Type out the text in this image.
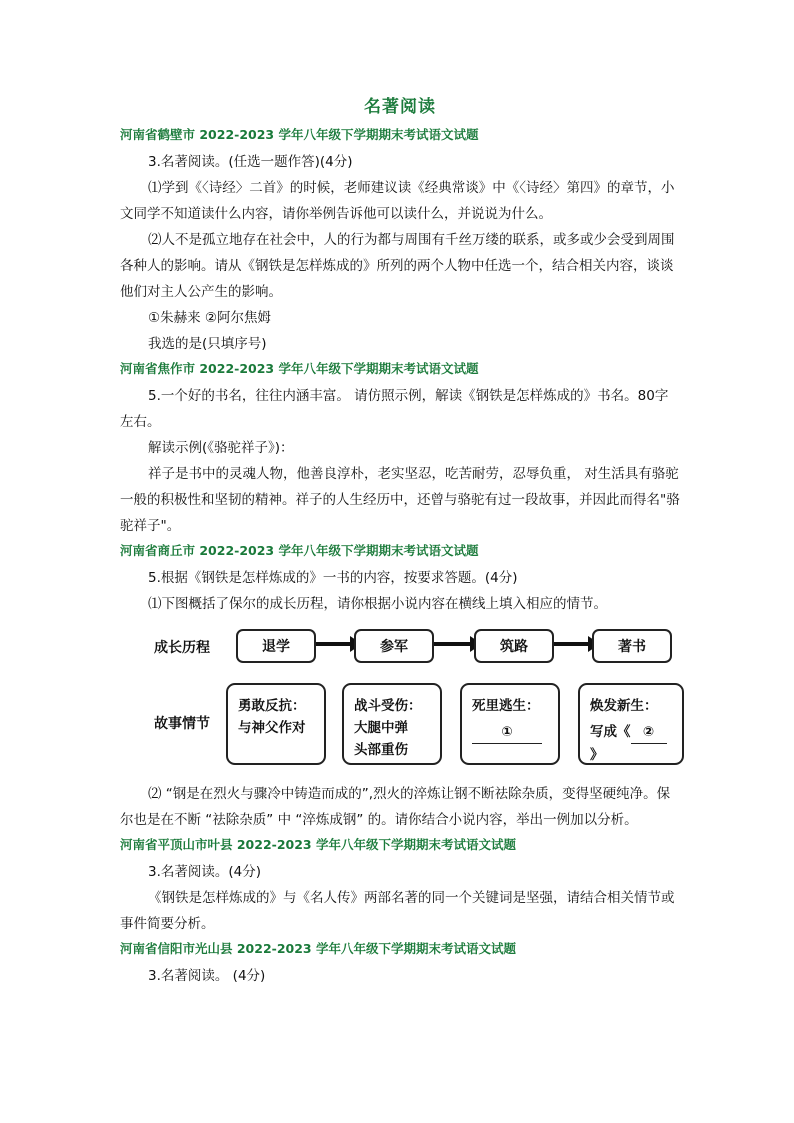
名著阅读
河南省鹤壁市 2022-2023 学年八年级下学期期末考试语文试题

3.名著阅读。(任选一题作答)(4分)

⑴学到《〈诗经〉二首》的时候，老师建议读《经典常谈》中《〈诗经〉第四》的章节，小文同学不知道读什么内容，请你举例告诉他可以读什么，并说说为什么。

⑵人不是孤立地存在社会中，人的行为都与周围有千丝万缕的联系，或多或少会受到周围各种人的影响。请从《钢铁是怎样炼成的》所列的两个人物中任选一个，结合相关内容，谈谈他们对主人公产生的影响。

①朱赫来 ②阿尔焦姆

我选的是(只填序号)

河南省焦作市 2022-2023 学年八年级下学期期末考试语文试题

5.一个好的书名，往往内涵丰富。 请仿照示例，解读《钢铁是怎样炼成的》书名。80字左右。

解读示例(《骆驼祥子》)：

祥子是书中的灵魂人物，他善良淳朴，老实坚忍，吃苦耐劳，忍辱负重， 对生活具有骆驼一般的积极性和坚韧的精神。祥子的人生经历中，还曾与骆驼有过一段故事，并因此而得名"骆驼祥子"。

河南省商丘市 2022-2023 学年八年级下学期期末考试语文试题

5.根据《钢铁是怎样炼成的》一书的内容，按要求答题。(4分)

⑴下图概括了保尔的成长历程，请你根据小说内容在横线上填入相应的情节。

成长历程
故事情节
退学	参军	筑路	著书
勇敢反抗：
与神父作对
战斗受伤：
大腿中弹
头部重伤
死里逃生：
①
焕发新生：
写成《 ②》

⑵ “钢是在烈火与骤冷中铸造而成的”,烈火的淬炼让钢不断祛除杂质，变得坚硬纯净。保尔也是在不断 “祛除杂质” 中 “淬炼成钢” 的。请你结合小说内容，举出一例加以分析。

河南省平顶山市叶县 2022-2023 学年八年级下学期期末考试语文试题

3.名著阅读。(4分)

《钢铁是怎样炼成的》与《名人传》两部名著的同一个关键词是坚强，请结合相关情节或事件简要分析。

河南省信阳市光山县 2022-2023 学年八年级下学期期末考试语文试题

3.名著阅读。 (4分)
